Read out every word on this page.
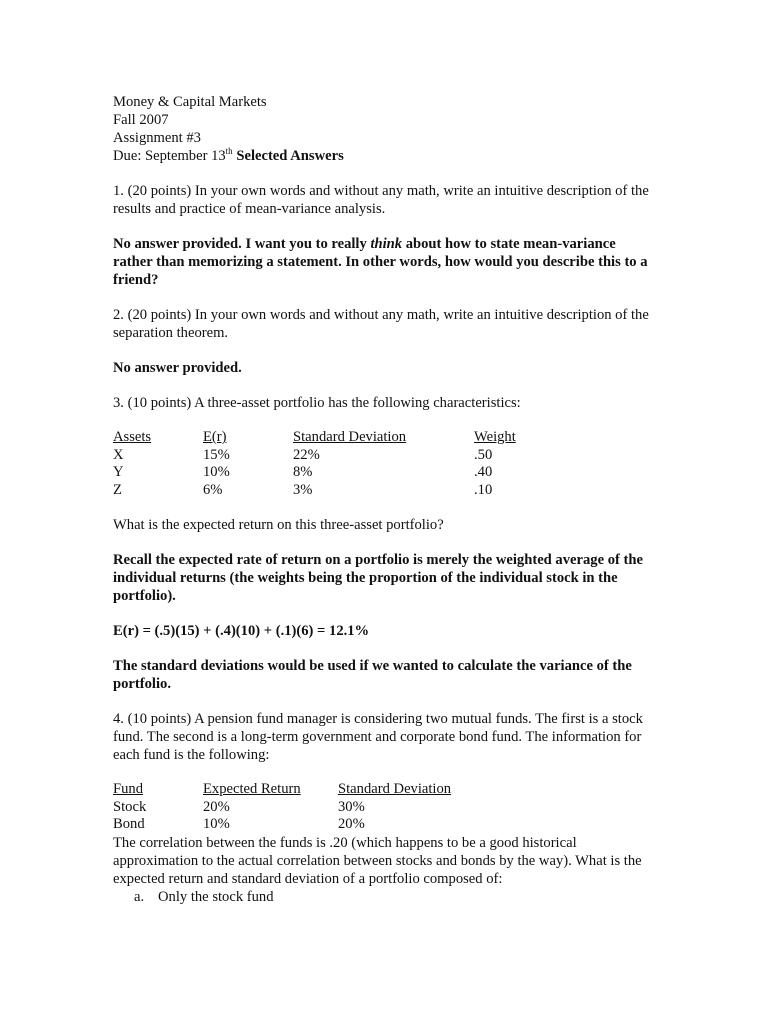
Money & Capital Markets
Fall 2007
Assignment #3
Due: September 13th Selected Answers
1. (20 points) In your own words and without any math, write an intuitive description of the results and practice of mean-variance analysis.
No answer provided. I want you to really think about how to state mean-variance rather than memorizing a statement. In other words, how would you describe this to a friend?
2. (20 points) In your own words and without any math, write an intuitive description of the separation theorem.
No answer provided.
3. (10 points) A three-asset portfolio has the following characteristics:
Assets	E(r)	Standard Deviation	Weight
X	15%	22%	.50
Y	10%	8%	.40
Z	6%	3%	.10
What is the expected return on this three-asset portfolio?
Recall the expected rate of return on a portfolio is merely the weighted average of the individual returns (the weights being the proportion of the individual stock in the portfolio).
E(r) = (.5)(15) + (.4)(10) + (.1)(6) = 12.1%
The standard deviations would be used if we wanted to calculate the variance of the portfolio.
4. (10 points) A pension fund manager is considering two mutual funds. The first is a stock fund. The second is a long-term government and corporate bond fund. The information for each fund is the following:
Fund	Expected Return	Standard Deviation
Stock	20%	30%
Bond	10%	20%
The correlation between the funds is .20 (which happens to be a good historical approximation to the actual correlation between stocks and bonds by the way). What is the expected return and standard deviation of a portfolio composed of:
a. Only the stock fund
